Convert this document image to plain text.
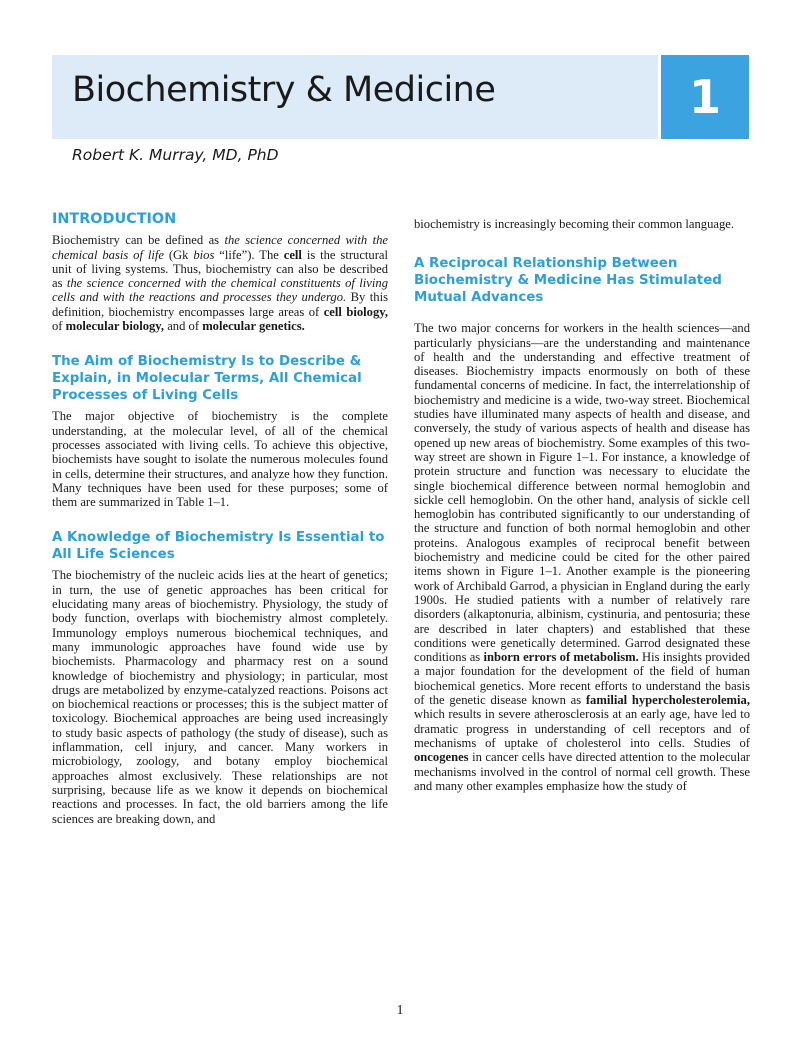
Biochemistry & Medicine	1
Robert K. Murray, MD, PhD
INTRODUCTION

Biochemistry can be defined as the science concerned with the chemical basis of life (Gk bios “life”). The cell is the structural unit of living systems. Thus, biochemistry can also be described as the science concerned with the chemical constituents of living cells and with the reactions and processes they undergo. By this definition, biochemistry encompasses large areas of cell biology, of molecular biology, and of molecular genetics.

The Aim of Biochemistry Is to Describe & Explain, in Molecular Terms, All Chemical Processes of Living Cells

The major objective of biochemistry is the complete understanding, at the molecular level, of all of the chemical processes associated with living cells. To achieve this objective, biochemists have sought to isolate the numerous molecules found in cells, determine their structures, and analyze how they function. Many techniques have been used for these purposes; some of them are summarized in Table 1–1.

A Knowledge of Biochemistry Is Essential to All Life Sciences

The biochemistry of the nucleic acids lies at the heart of genetics; in turn, the use of genetic approaches has been critical for elucidating many areas of biochemistry. Physiology, the study of body function, overlaps with biochemistry almost completely. Immunology employs numerous biochemical techniques, and many immunologic approaches have found wide use by biochemists. Pharmacology and pharmacy rest on a sound knowledge of biochemistry and physiology; in particular, most drugs are metabolized by enzyme-catalyzed reactions. Poisons act on biochemical reactions or processes; this is the subject matter of toxicology. Biochemical approaches are being used increasingly to study basic aspects of pathology (the study of disease), such as inflammation, cell injury, and cancer. Many workers in microbiology, zoology, and botany employ biochemical approaches almost exclusively. These relationships are not surprising, because life as we know it depends on biochemical reactions and processes. In fact, the old barriers among the life sciences are breaking down, and

biochemistry is increasingly becoming their common language.

A Reciprocal Relationship Between Biochemistry & Medicine Has Stimulated Mutual Advances

The two major concerns for workers in the health sciences—and particularly physicians—are the understanding and maintenance of health and the understanding and effective treatment of diseases. Biochemistry impacts enormously on both of these fundamental concerns of medicine. In fact, the interrelationship of biochemistry and medicine is a wide, two-way street. Biochemical studies have illuminated many aspects of health and disease, and conversely, the study of various aspects of health and disease has opened up new areas of biochemistry. Some examples of this two-way street are shown in Figure 1–1. For instance, a knowledge of protein structure and function was necessary to elucidate the single biochemical difference between normal hemoglobin and sickle cell hemoglobin. On the other hand, analysis of sickle cell hemoglobin has contributed significantly to our understanding of the structure and function of both normal hemoglobin and other proteins. Analogous examples of reciprocal benefit between biochemistry and medicine could be cited for the other paired items shown in Figure 1–1. Another example is the pioneering work of Archibald Garrod, a physician in England during the early 1900s. He studied patients with a number of relatively rare disorders (alkaptonuria, albinism, cystinuria, and pentosuria; these are described in later chapters) and established that these conditions were genetically determined. Garrod designated these conditions as inborn errors of metabolism. His insights provided a major foundation for the development of the field of human biochemical genetics. More recent efforts to understand the basis of the genetic disease known as familial hypercholesterolemia, which results in severe atherosclerosis at an early age, have led to dramatic progress in understanding of cell receptors and of mechanisms of uptake of cholesterol into cells. Studies of oncogenes in cancer cells have directed attention to the molecular mechanisms involved in the control of normal cell growth. These and many other examples emphasize how the study of

1
